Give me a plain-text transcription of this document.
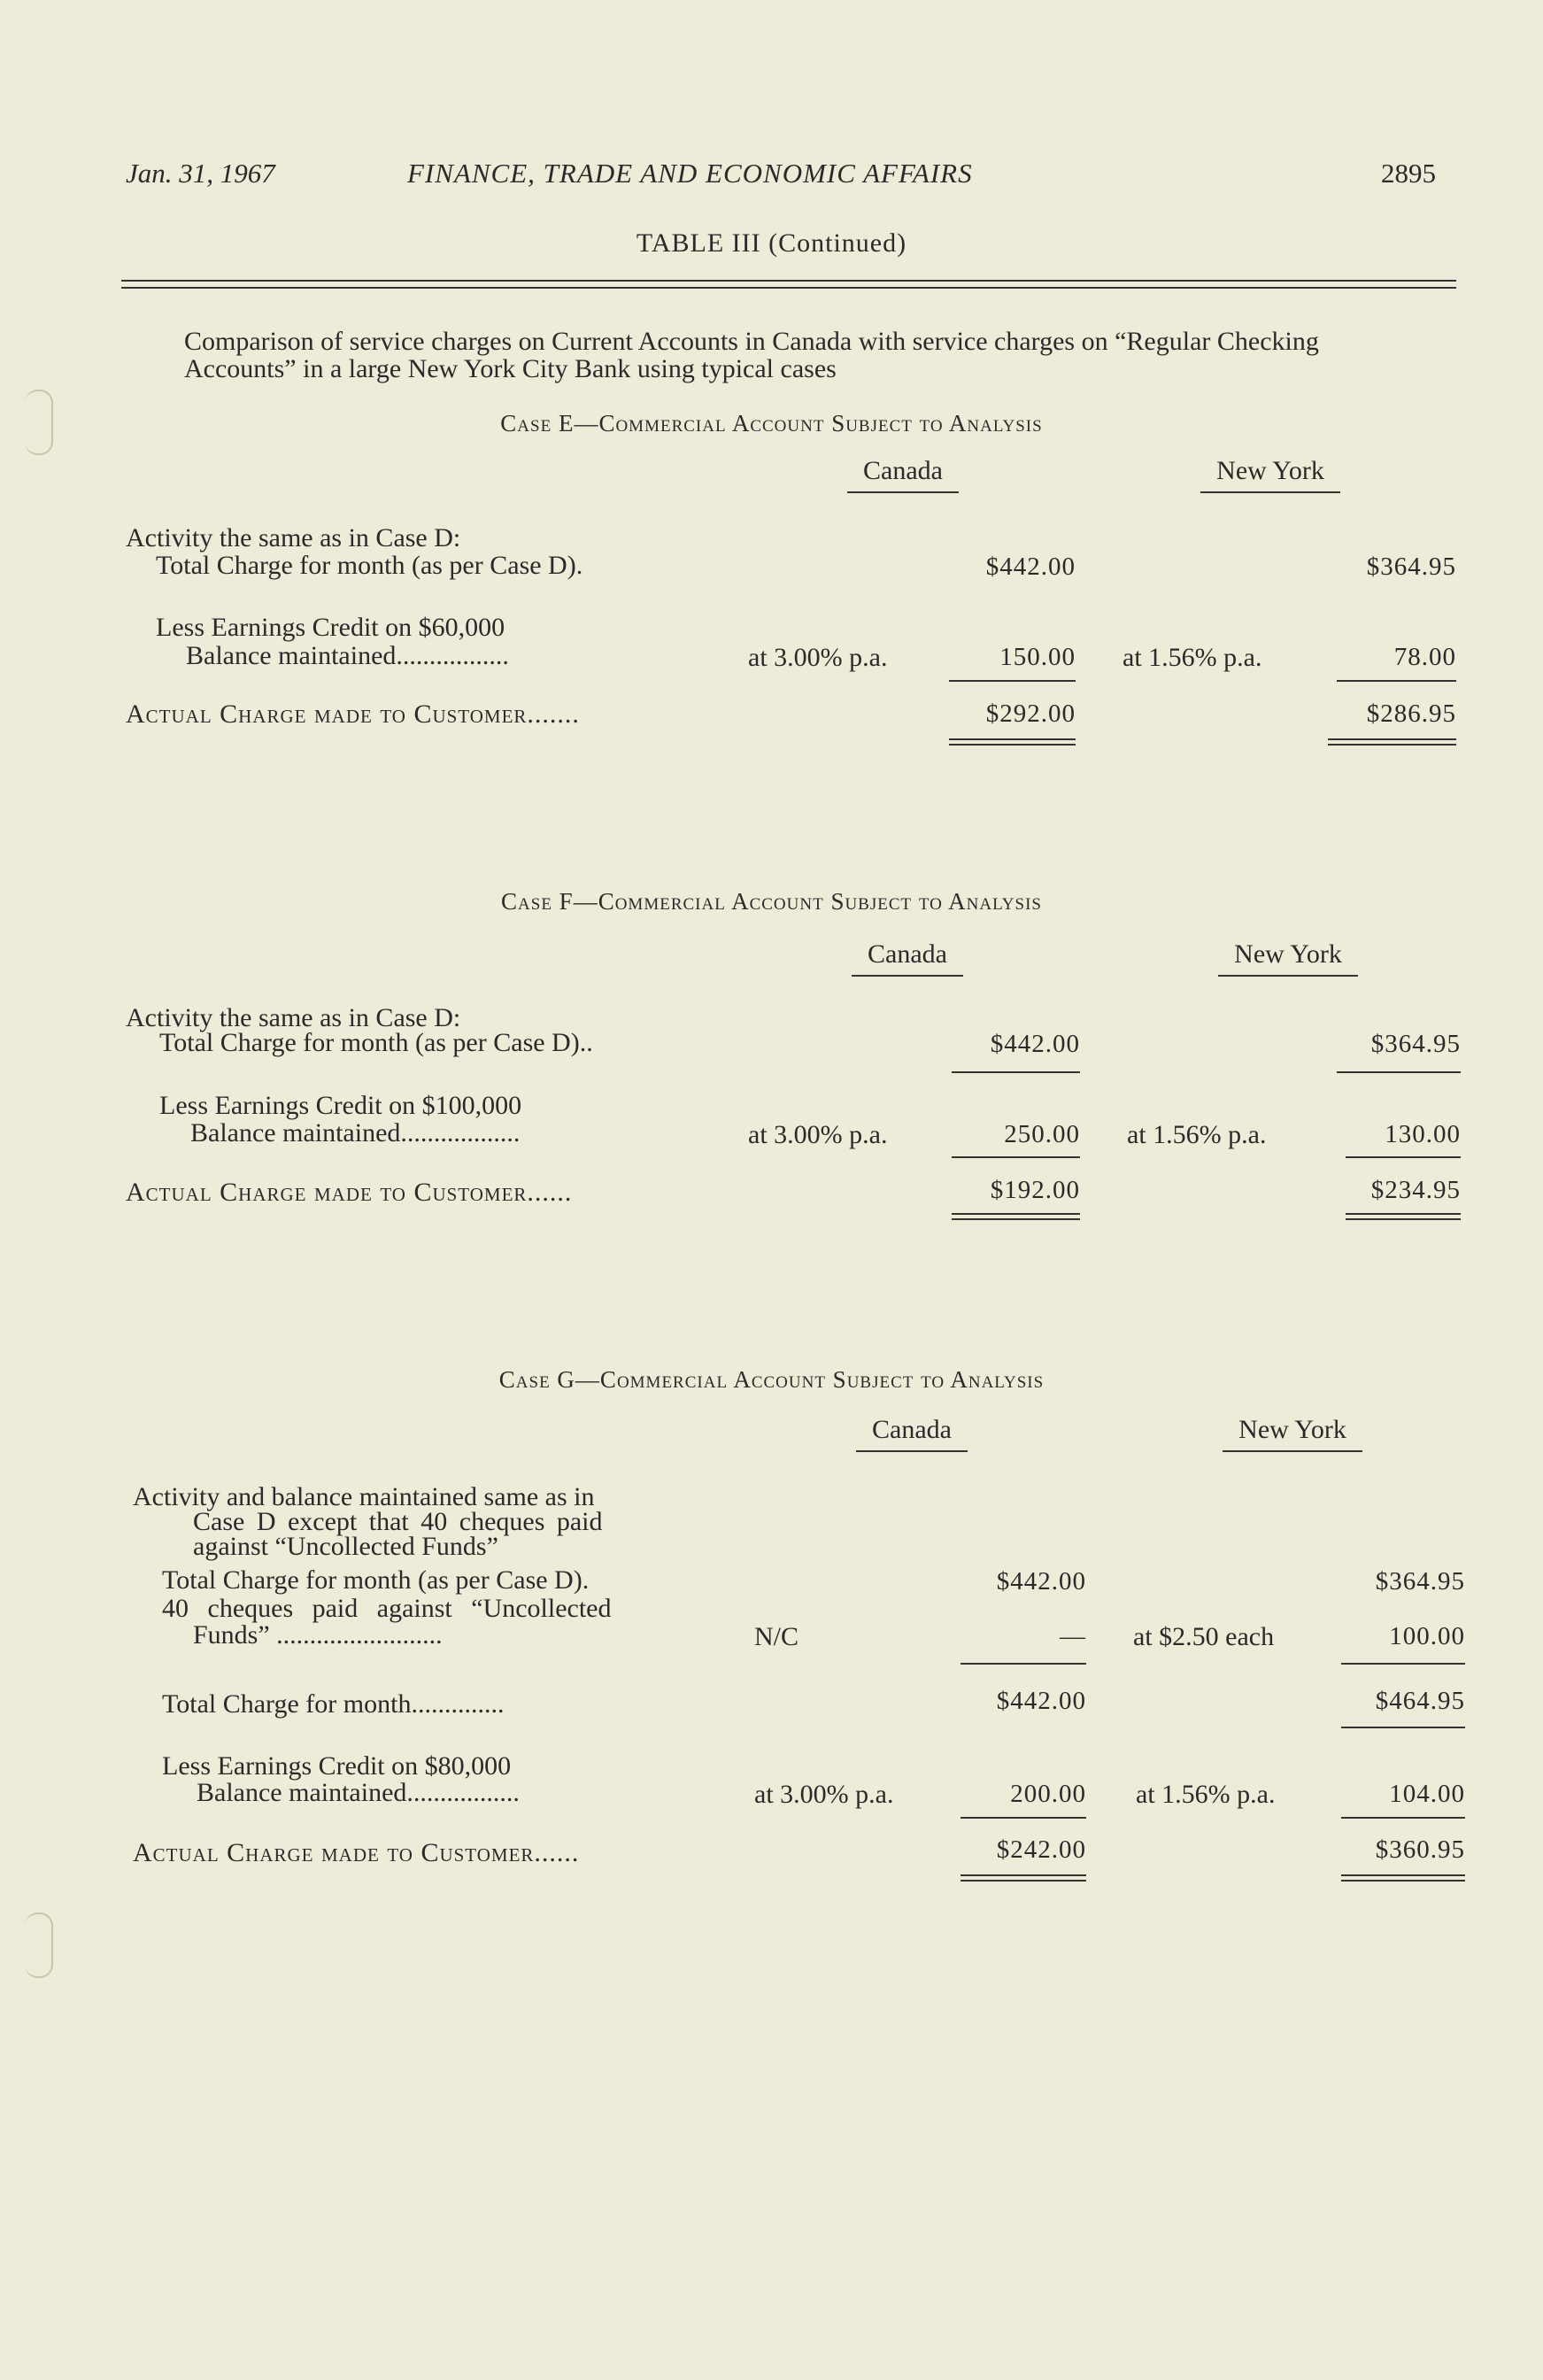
Jan. 31, 1967	FINANCE, TRADE AND ECONOMIC AFFAIRS	2895
TABLE III (Continued)
Comparison of service charges on Current Accounts in Canada with service charges on “Regular Checking Accounts” in a large New York City Bank using typical cases
Case E—Commercial Account Subject to Analysis
Canada	New York
Activity the same as in Case D:
Total Charge for month (as per Case D).	$442.00	$364.95
Less Earnings Credit on $60,000
Balance maintained.................	at 3.00% p.a.	150.00 at 1.56% p.a.	78.00
Actual Charge made to Customer.......	$292.00	$286.95
Case F—Commercial Account Subject to Analysis
Canada	New York
Activity the same as in Case D:
Total Charge for month (as per Case D)..	$442.00	$364.95
Less Earnings Credit on $100,000
Balance maintained..................	at 3.00% p.a.	250.00 at 1.56% p.a.	130.00
Actual Charge made to Customer......	$192.00	$234.95
Case G—Commercial Account Subject to Analysis
Canada	New York
Activity and balance maintained same as in
Case D except that 40 cheques paid
against “Uncollected Funds”
Total Charge for month (as per Case D).	$442.00	$364.95
40 cheques paid against “Uncollected
Funds” .........................	N/C	— at $2.50 each	100.00
Total Charge for month..............	$442.00	$464.95
Less Earnings Credit on $80,000
Balance maintained.................	at 3.00% p.a.	200.00 at 1.56% p.a.	104.00
Actual Charge made to Customer......	$242.00	$360.95
